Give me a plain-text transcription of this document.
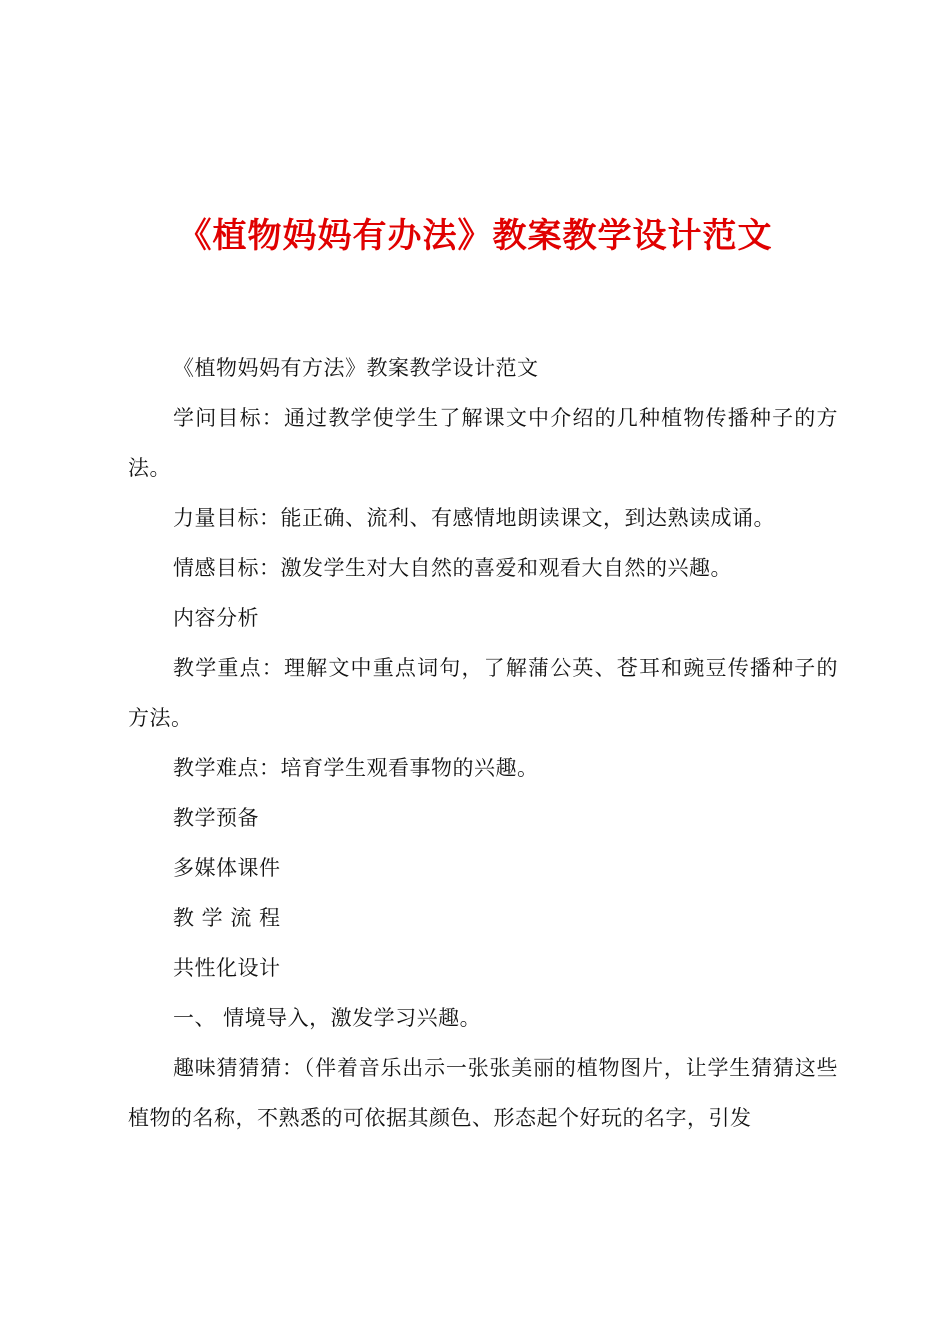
《植物妈妈有办法》教案教学设计范文

《植物妈妈有方法》教案教学设计范文

学问目标：通过教学使学生了解课文中介绍的几种植物传播种子的方法。

力量目标：能正确、流利、有感情地朗读课文，到达熟读成诵。

情感目标：激发学生对大自然的喜爱和观看大自然的兴趣。

内容分析

教学重点：理解文中重点词句，了解蒲公英、苍耳和豌豆传播种子的方法。

教学难点：培育学生观看事物的兴趣。

教学预备

多媒体课件

教 学 流 程

共性化设计

一、 情境导入，激发学习兴趣。

趣味猜猜猜：（伴着音乐出示一张张美丽的植物图片，让学生猜猜这些植物的名称，不熟悉的可依据其颜色、形态起个好玩的名字，引发
